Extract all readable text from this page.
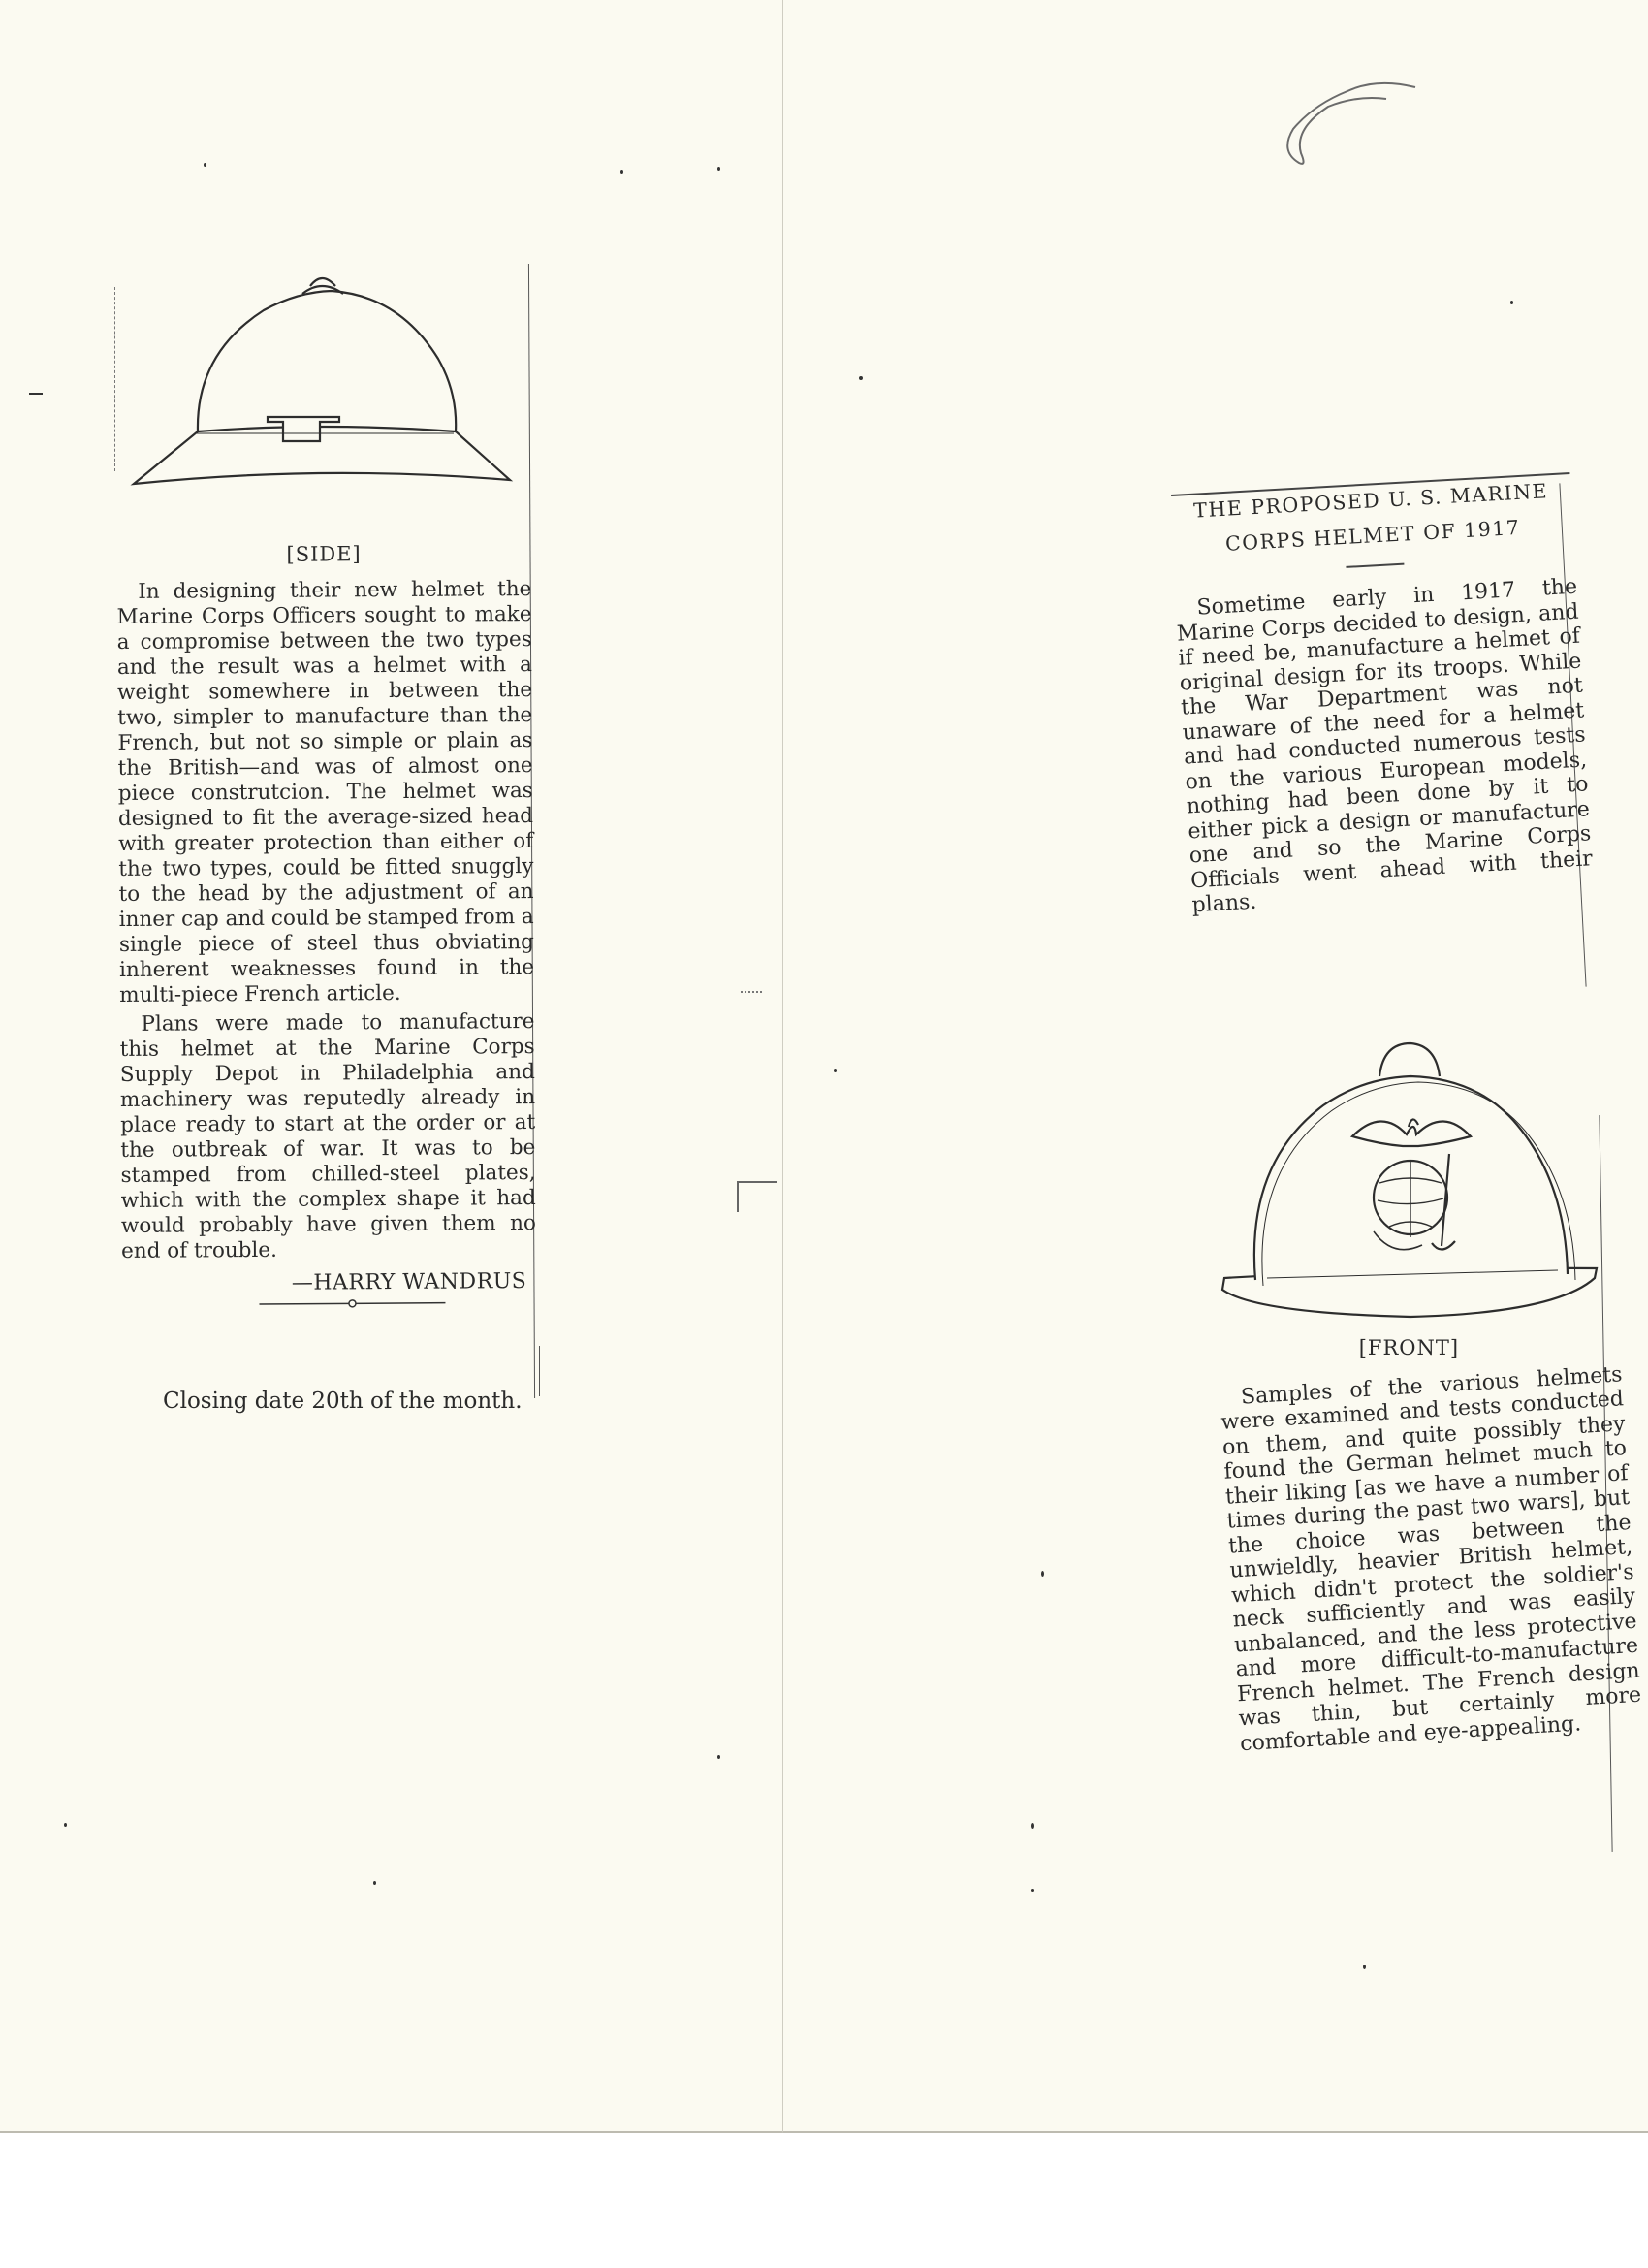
[SIDE]

In designing their new helmet the Marine Corps Officers sought to make a compromise between the two types and the result was a helmet with a weight somewhere in between the two, simpler to manufacture than the French, but not so simple or plain as the British—and was of almost one piece construtcion. The helmet was designed to fit the average-sized head with greater protection than either of the two types, could be fitted snuggly to the head by the adjustment of an inner cap and could be stamped from a single piece of steel thus obviating inherent weaknesses found in the multi-piece French article.

Plans were made to manufacture this helmet at the Marine Corps Supply Depot in Philadelphia and machinery was reputedly already in place ready to start at the order or at the outbreak of war. It was to be stamped from chilled-steel plates, which with the complex shape it had would probably have given them no end of trouble.

—HARRY WANDRUS
Closing date 20th of the month.
THE PROPOSED U. S. MARINE
CORPS HELMET OF 1917

Sometime early in 1917 the Marine Corps decided to design, and if need be, manufacture a helmet of original design for its troops. While the War Department was not unaware of the need for a helmet and had conducted numerous tests on the various European models, nothing had been done by it to either pick a design or manufacture one and so the Marine Corps Officials went ahead with their plans.

[FRONT]

Samples of the various helmets were examined and tests conducted on them, and quite possibly they found the German helmet much to their liking [as we have a number of times during the past two wars], but the choice was between the unwieldly, heavier British helmet, which didn't protect the soldier's neck sufficiently and was easily unbalanced, and the less protective and more difficult-to-manufacture French helmet. The French design was thin, but certainly more comfortable and eye-appealing.
